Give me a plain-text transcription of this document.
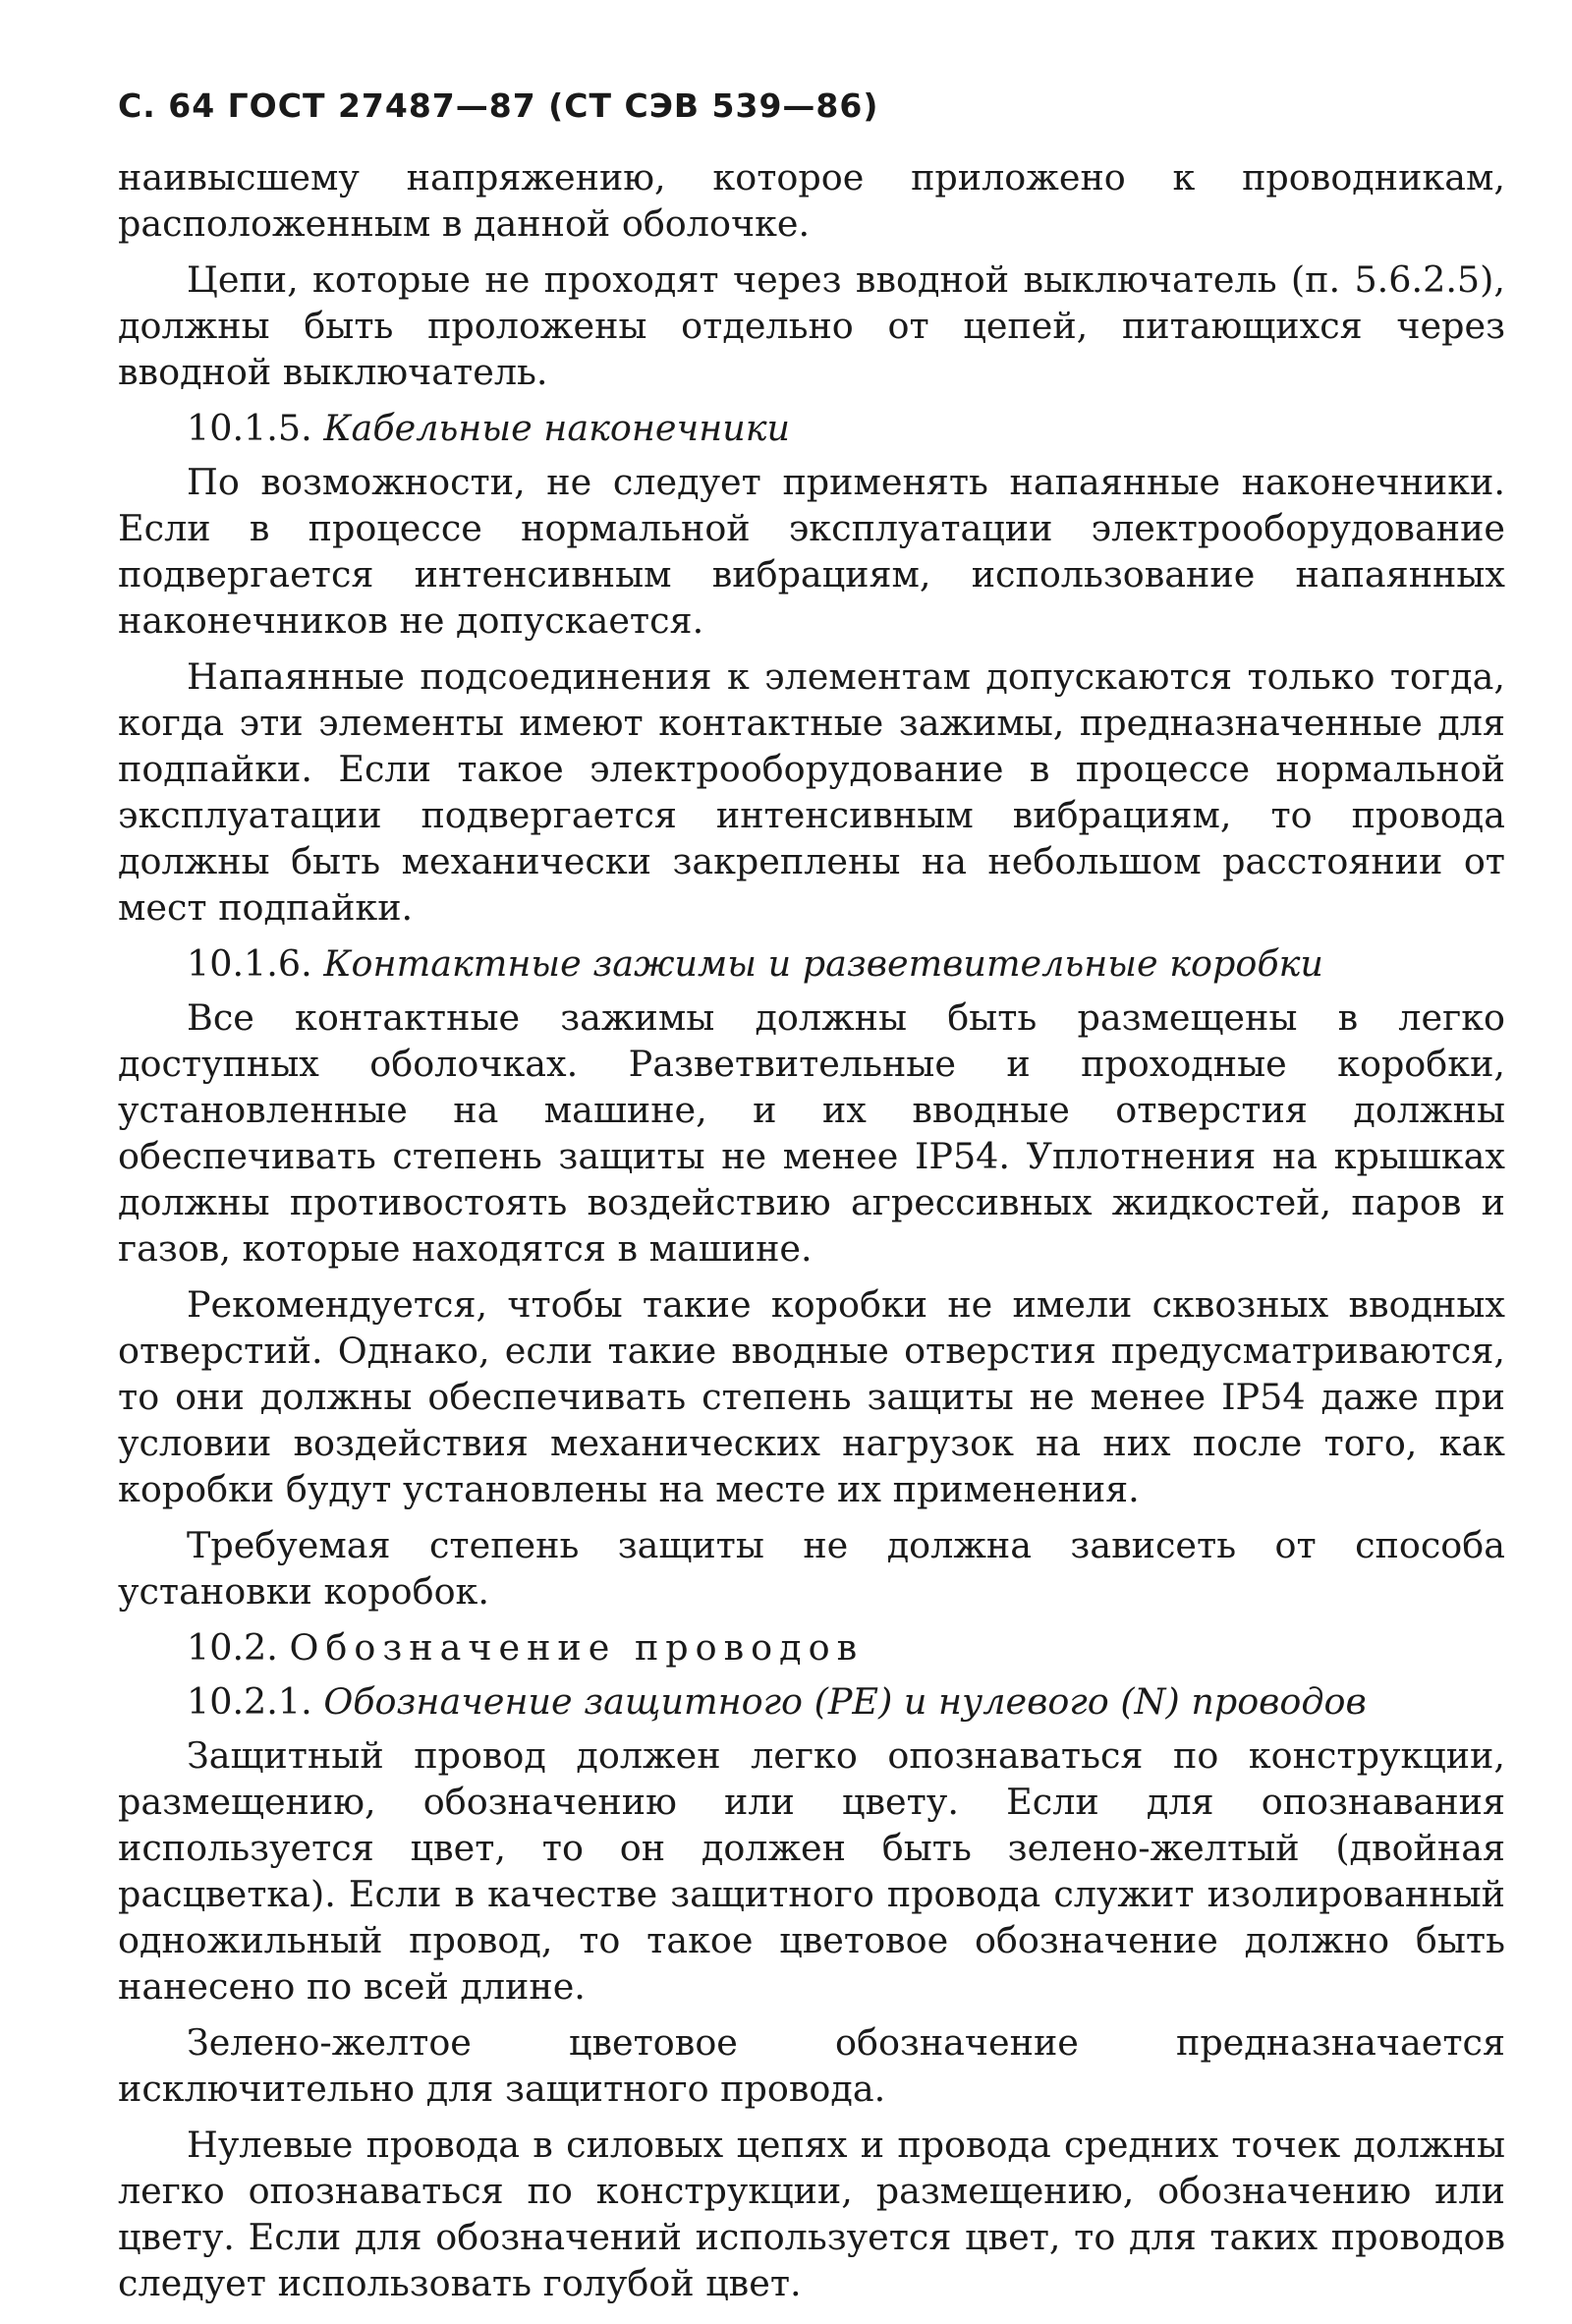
С. 64 ГОСТ 27487—87 (СТ СЭВ 539—86)

наивысшему напряжению, которое приложено к проводникам, расположенным в данной оболочке.

Цепи, которые не проходят через вводной выключатель (п. 5.6.2.5), должны быть проложены отдельно от цепей, питающихся через вводной выключатель.

10.1.5. Кабельные наконечники

По возможности, не следует применять напаянные наконечники. Если в процессе нормальной эксплуатации электрооборудование подвергается интенсивным вибрациям, использование напаянных наконечников не допускается.

Напаянные подсоединения к элементам допускаются только тогда, когда эти элементы имеют контактные зажимы, предназначенные для подпайки. Если такое электрооборудование в процессе нормальной эксплуатации подвергается интенсивным вибрациям, то провода должны быть механически закреплены на небольшом расстоянии от мест подпайки.

10.1.6. Контактные зажимы и разветвительные коробки

Все контактные зажимы должны быть размещены в легко доступных оболочках. Разветвительные и проходные коробки, установленные на машине, и их вводные отверстия должны обеспечивать степень защиты не менее IP54. Уплотнения на крышках должны противостоять воздействию агрессивных жидкостей, паров и газов, которые находятся в машине.

Рекомендуется, чтобы такие коробки не имели сквозных вводных отверстий. Однако, если такие вводные отверстия предусматриваются, то они должны обеспечивать степень защиты не менее IP54 даже при условии воздействия механических нагрузок на них после того, как коробки будут установлены на месте их применения.

Требуемая степень защиты не должна зависеть от способа установки коробок.

10.2. Обозначение проводов

10.2.1. Обозначение защитного (PE) и нулевого (N) проводов

Защитный провод должен легко опознаваться по конструкции, размещению, обозначению или цвету. Если для опознавания используется цвет, то он должен быть зелено-желтый (двойная расцветка). Если в качестве защитного провода служит изолированный одножильный провод, то такое цветовое обозначение должно быть нанесено по всей длине.

Зелено-желтое цветовое обозначение предназначается исключительно для защитного провода.

Нулевые провода в силовых цепях и провода средних точек должны легко опознаваться по конструкции, размещению, обозначению или цвету. Если для обозначений используется цвет, то для таких проводов следует использовать голубой цвет.
